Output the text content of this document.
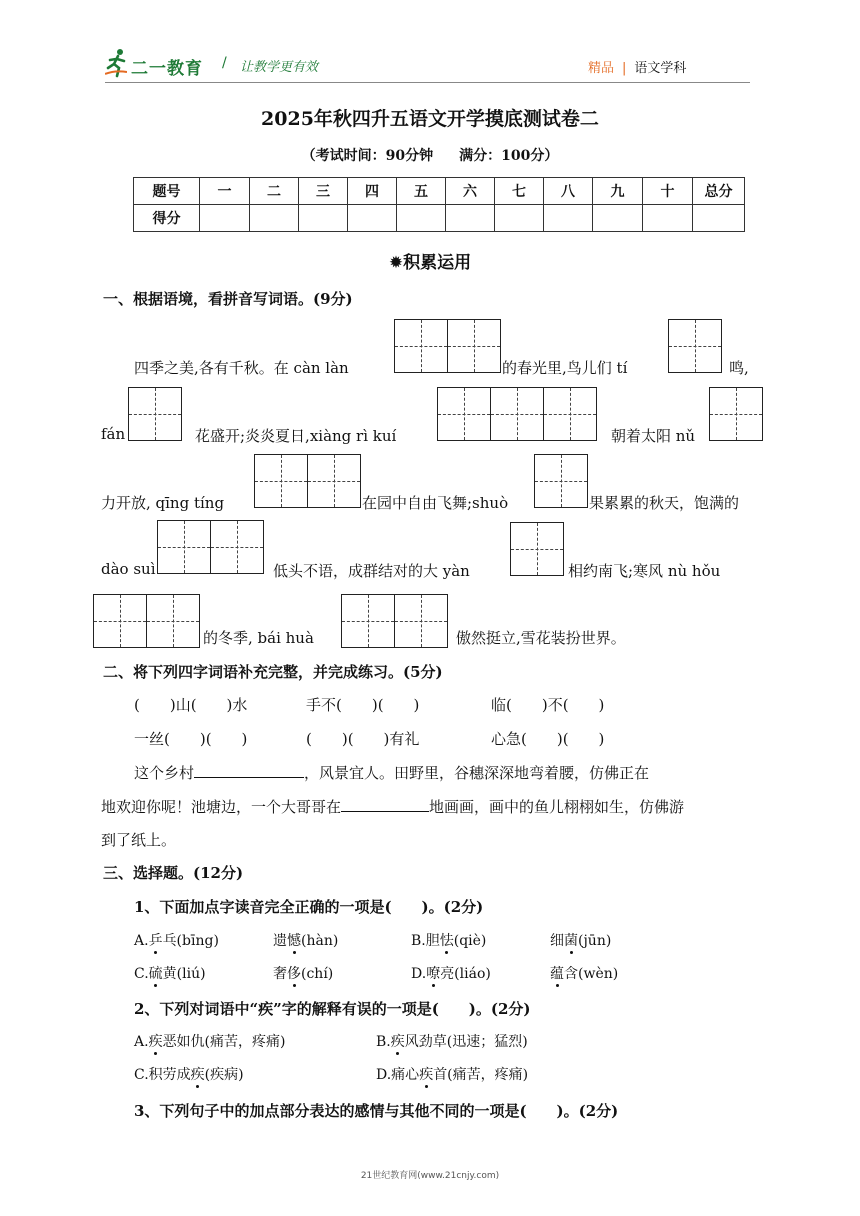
二一教育 / 让教学更有效	精品 | 语文学科
2025年秋四升五语文开学摸底测试卷二
（考试时间：90分钟 满分：100分）
题号	一	二	三	四	五	六	七	八	九	十	总分
得分											
✹积累运用
一、根据语境，看拼音写词语。(9分)
四季之美,各有千秋。在 càn làn	的春光里,鸟儿们 tí	鸣,
fán	花盛开;炎炎夏日,xiàng rì kuí	朝着太阳 nǔ
力开放, qīng tíng	在园中自由飞舞;shuò	果累累的秋天，饱满的
dào suì	低头不语，成群结对的大 yàn	相约南飞;寒风 nù hǒu
的冬季, bái huà	傲然挺立,雪花装扮世界。
二、将下列四字词语补充完整，并完成练习。(5分)
(　　)山(　　)水	手不(　　)(　　)	临(　　)不(　　)
一丝(　　)(　　)	(　　)(　　)有礼	心急(　　)(　　)
这个乡村	，风景宜人。田野里，谷穗深深地弯着腰，仿佛正在
地欢迎你呢！池塘边，一个大哥哥在	地画画，画中的鱼儿栩栩如生，仿佛游
到了纸上。
三、选择题。(12分)
1、下面加点字读音完全正确的一项是(　　)。(2分)
A.乒乓(bīng)	遗憾(hàn)	B.胆怯(qiè)	细菌(jūn)
C.硫黄(liú)	奢侈(chí)	D.嘹亮(liáo)	蕴含(wèn)
2、下列对词语中“疾”字的解释有误的一项是(　　)。(2分)
A.疾恶如仇(痛苦，疼痛)	B.疾风劲草(迅速；猛烈)
C.积劳成疾(疾病)	D.痛心疾首(痛苦，疼痛)
3、下列句子中的加点部分表达的感情与其他不同的一项是(　　)。(2分)
21世纪教育网(www.21cnjy.com)
